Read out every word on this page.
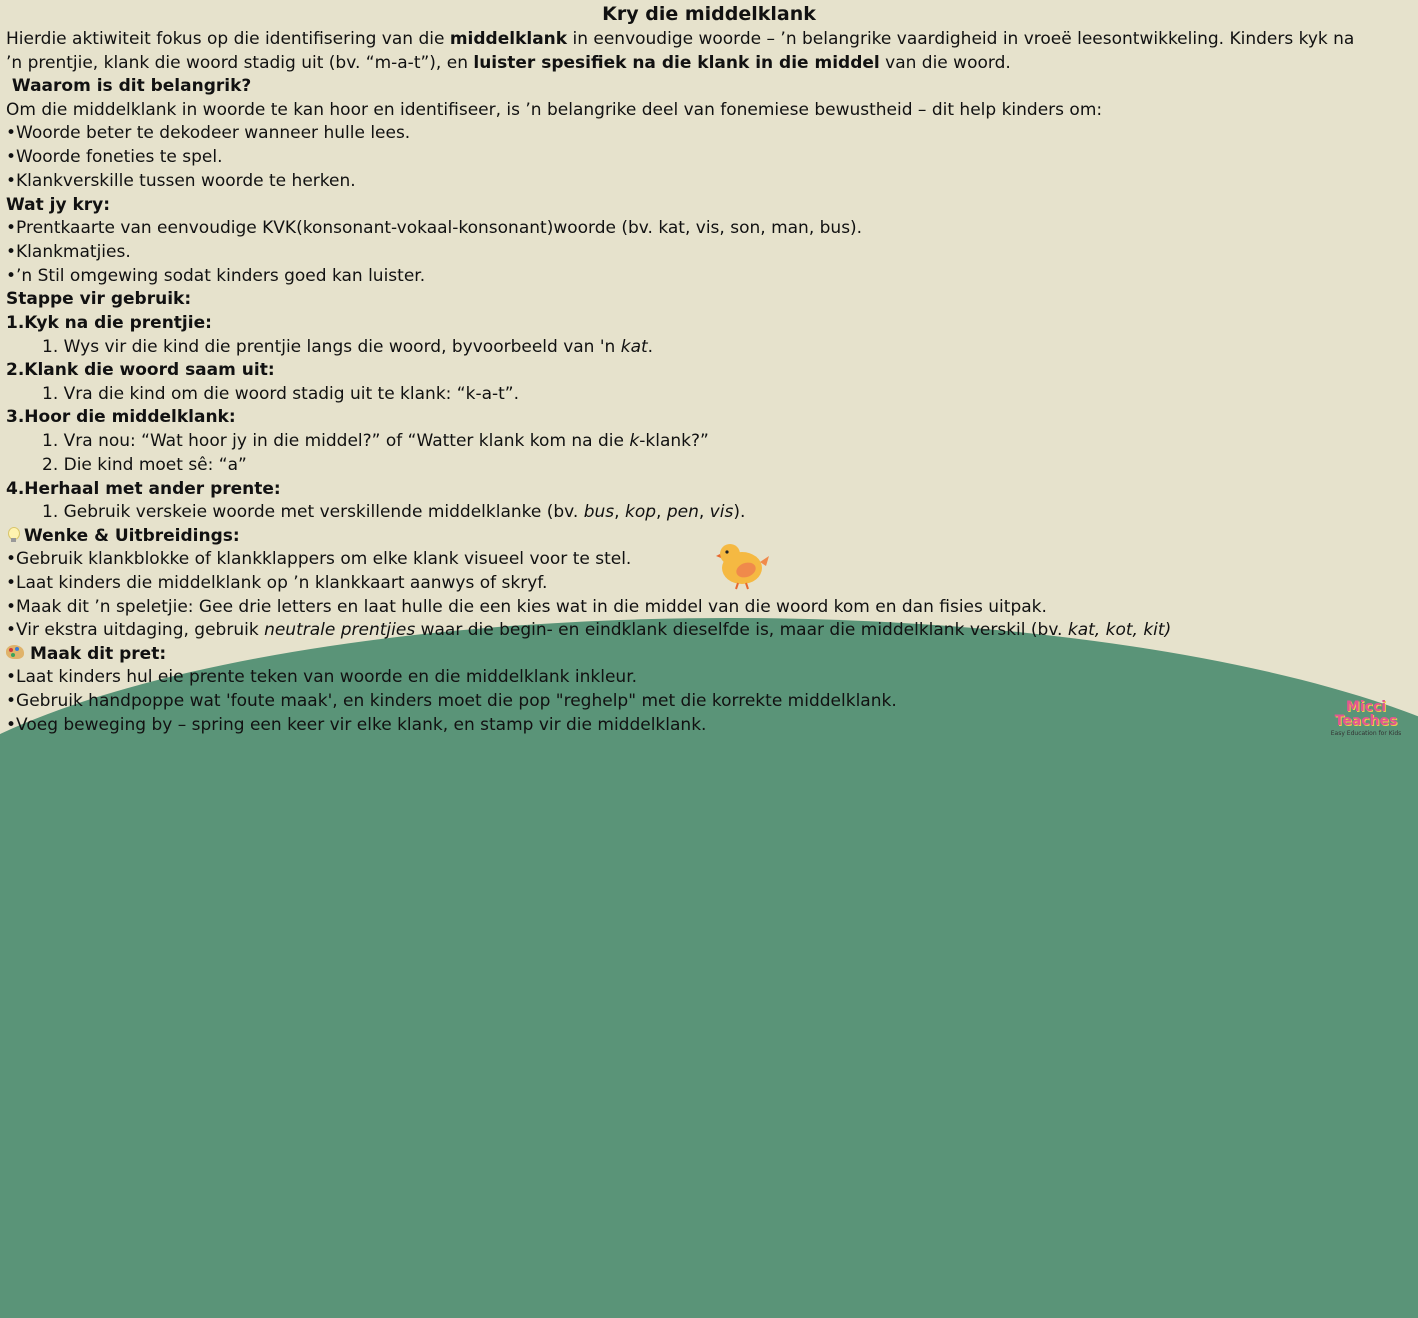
Kry die middelklank
Hierdie aktiwiteit fokus op die identifisering van die middelklank in eenvoudige woorde – ’n belangrike vaardigheid in vroeë leesontwikkeling. Kinders kyk na
’n prentjie, klank die woord stadig uit (bv. “m-a-t”), en luister spesifiek na die klank in die middel van die woord.
Waarom is dit belangrik?
Om die middelklank in woorde te kan hoor en identifiseer, is ’n belangrike deel van fonemiese bewustheid – dit help kinders om:
•Woorde beter te dekodeer wanneer hulle lees.
•Woorde foneties te spel.
•Klankverskille tussen woorde te herken.
Wat jy kry:
•Prentkaarte van eenvoudige KVK(konsonant-vokaal-konsonant)woorde (bv. kat, vis, son, man, bus).
•Klankmatjies.
•’n Stil omgewing sodat kinders goed kan luister.
Stappe vir gebruik:
1.Kyk na die prentjie:
1. Wys vir die kind die prentjie langs die woord, byvoorbeeld van 'n kat.
2.Klank die woord saam uit:
1. Vra die kind om die woord stadig uit te klank: “k-a-t”.
3.Hoor die middelklank:
1. Vra nou: “Wat hoor jy in die middel?” of “Watter klank kom na die k-klank?”
2. Die kind moet sê: “a”
4.Herhaal met ander prente:
1. Gebruik verskeie woorde met verskillende middelklanke (bv. bus, kop, pen, vis).
Wenke & Uitbreidings:
•Gebruik klankblokke of klankklappers om elke klank visueel voor te stel.
•Laat kinders die middelklank op ’n klankkaart aanwys of skryf.
•Maak dit ’n speletjie: Gee drie letters en laat hulle die een kies wat in die middel van die woord kom en dan fisies uitpak.
•Vir ekstra uitdaging, gebruik neutrale prentjies waar die begin- en eindklank dieselfde is, maar die middelklank verskil (bv. kat, kot, kit)
Maak dit pret:
•Laat kinders hul eie prente teken van woorde en die middelklank inkleur.
•Gebruik handpoppe wat 'foute maak', en kinders moet die pop "reghelp" met die korrekte middelklank.
•Voeg beweging by – spring een keer vir elke klank, en stamp vir die middelklank.
Micci
Teaches
Easy Education for Kids
